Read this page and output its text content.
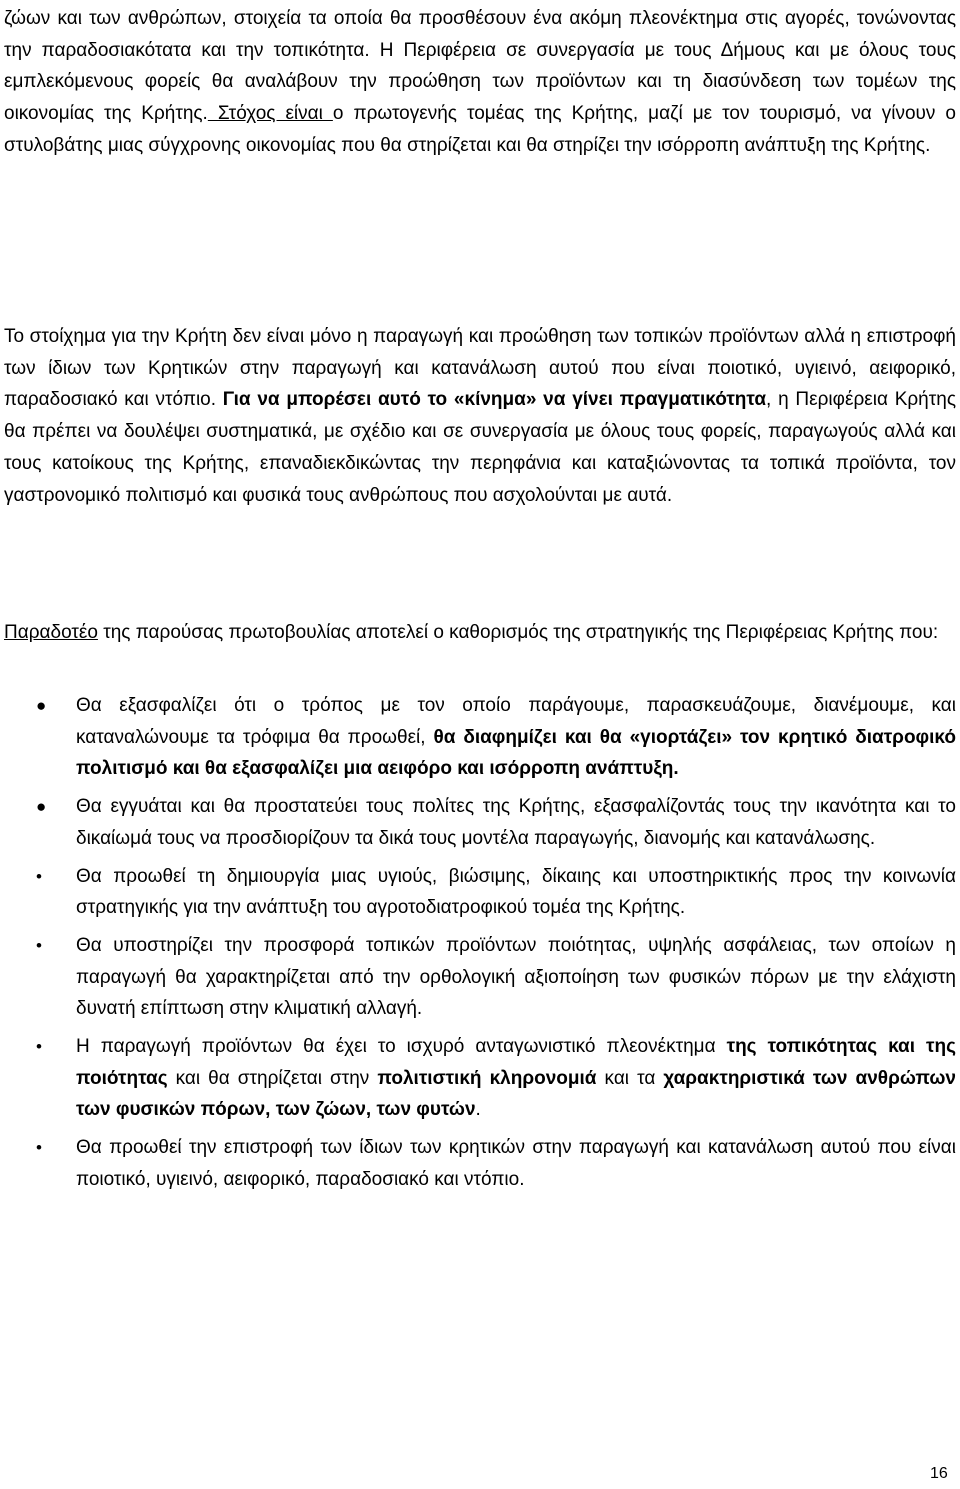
ζώων και των ανθρώπων, στοιχεία τα οποία θα προσθέσουν ένα ακόμη πλεονέκτημα στις αγορές, τονώνοντας την παραδοσιακότατα και την τοπικότητα. Η Περιφέρεια σε συνεργασία με τους Δήμους και με όλους τους εμπλεκόμενους φορείς θα αναλάβουν την προώθηση των προϊόντων και τη διασύνδεση των τομέων της οικονομίας της Κρήτης. Στόχος είναι ο πρωτογενής τομέας της Κρήτης, μαζί με τον τουρισμό, να γίνουν ο στυλοβάτης μιας σύγχρονης οικονομίας που θα στηρίζεται και θα στηρίζει την ισόρροπη ανάπτυξη της Κρήτης.

Το στοίχημα για την Κρήτη δεν είναι μόνο η παραγωγή και προώθηση των τοπικών προϊόντων αλλά η επιστροφή των ίδιων των Κρητικών στην παραγωγή και κατανάλωση αυτού που είναι ποιοτικό, υγιεινό, αειφορικό, παραδοσιακό και ντόπιο. Για να μπορέσει αυτό το «κίνημα» να γίνει πραγματικότητα, η Περιφέρεια Κρήτης θα πρέπει να δουλέψει συστηματικά, με σχέδιο και σε συνεργασία με όλους τους φορείς, παραγωγούς αλλά και τους κατοίκους της Κρήτης, επαναδιεκδικώντας την περηφάνια και καταξιώνοντας τα τοπικά προϊόντα, τον γαστρονομικό πολιτισμό και φυσικά τους ανθρώπους που ασχολούνται με αυτά.

Παραδοτέο της παρούσας πρωτοβουλίας αποτελεί ο καθορισμός της στρατηγικής της Περιφέρειας Κρήτης που:

● Θα εξασφαλίζει ότι ο τρόπος με τον οποίο παράγουμε, παρασκευάζουμε, διανέμουμε, και καταναλώνουμε τα τρόφιμα θα προωθεί, θα διαφημίζει και θα «γιορτάζει» τον κρητικό διατροφικό πολιτισμό και θα εξασφαλίζει μια αειφόρο και ισόρροπη ανάπτυξη.

● Θα εγγυάται και θα προστατεύει τους πολίτες της Κρήτης, εξασφαλίζοντάς τους την ικανότητα και το δικαίωμά τους να προσδιορίζουν τα δικά τους μοντέλα παραγωγής, διανομής και κατανάλωσης.

• Θα προωθεί τη δημιουργία μιας υγιούς, βιώσιμης, δίκαιης και υποστηρικτικής προς την κοινωνία στρατηγικής για την ανάπτυξη του αγροτοδιατροφικού τομέα της Κρήτης.

• Θα υποστηρίζει την προσφορά τοπικών προϊόντων ποιότητας, υψηλής ασφάλειας, των οποίων η παραγωγή θα χαρακτηρίζεται από την ορθολογική αξιοποίηση των φυσικών πόρων με την ελάχιστη δυνατή επίπτωση στην κλιματική αλλαγή.

• Η παραγωγή προϊόντων θα έχει το ισχυρό ανταγωνιστικό πλεονέκτημα της τοπικότητας και της ποιότητας και θα στηρίζεται στην πολιτιστική κληρονομιά και τα χαρακτηριστικά των ανθρώπων των φυσικών πόρων, των ζώων, των φυτών.

• Θα προωθεί την επιστροφή των ίδιων των κρητικών στην παραγωγή και κατανάλωση αυτού που είναι ποιοτικό, υγιεινό, αειφορικό, παραδοσιακό και ντόπιο.

16
